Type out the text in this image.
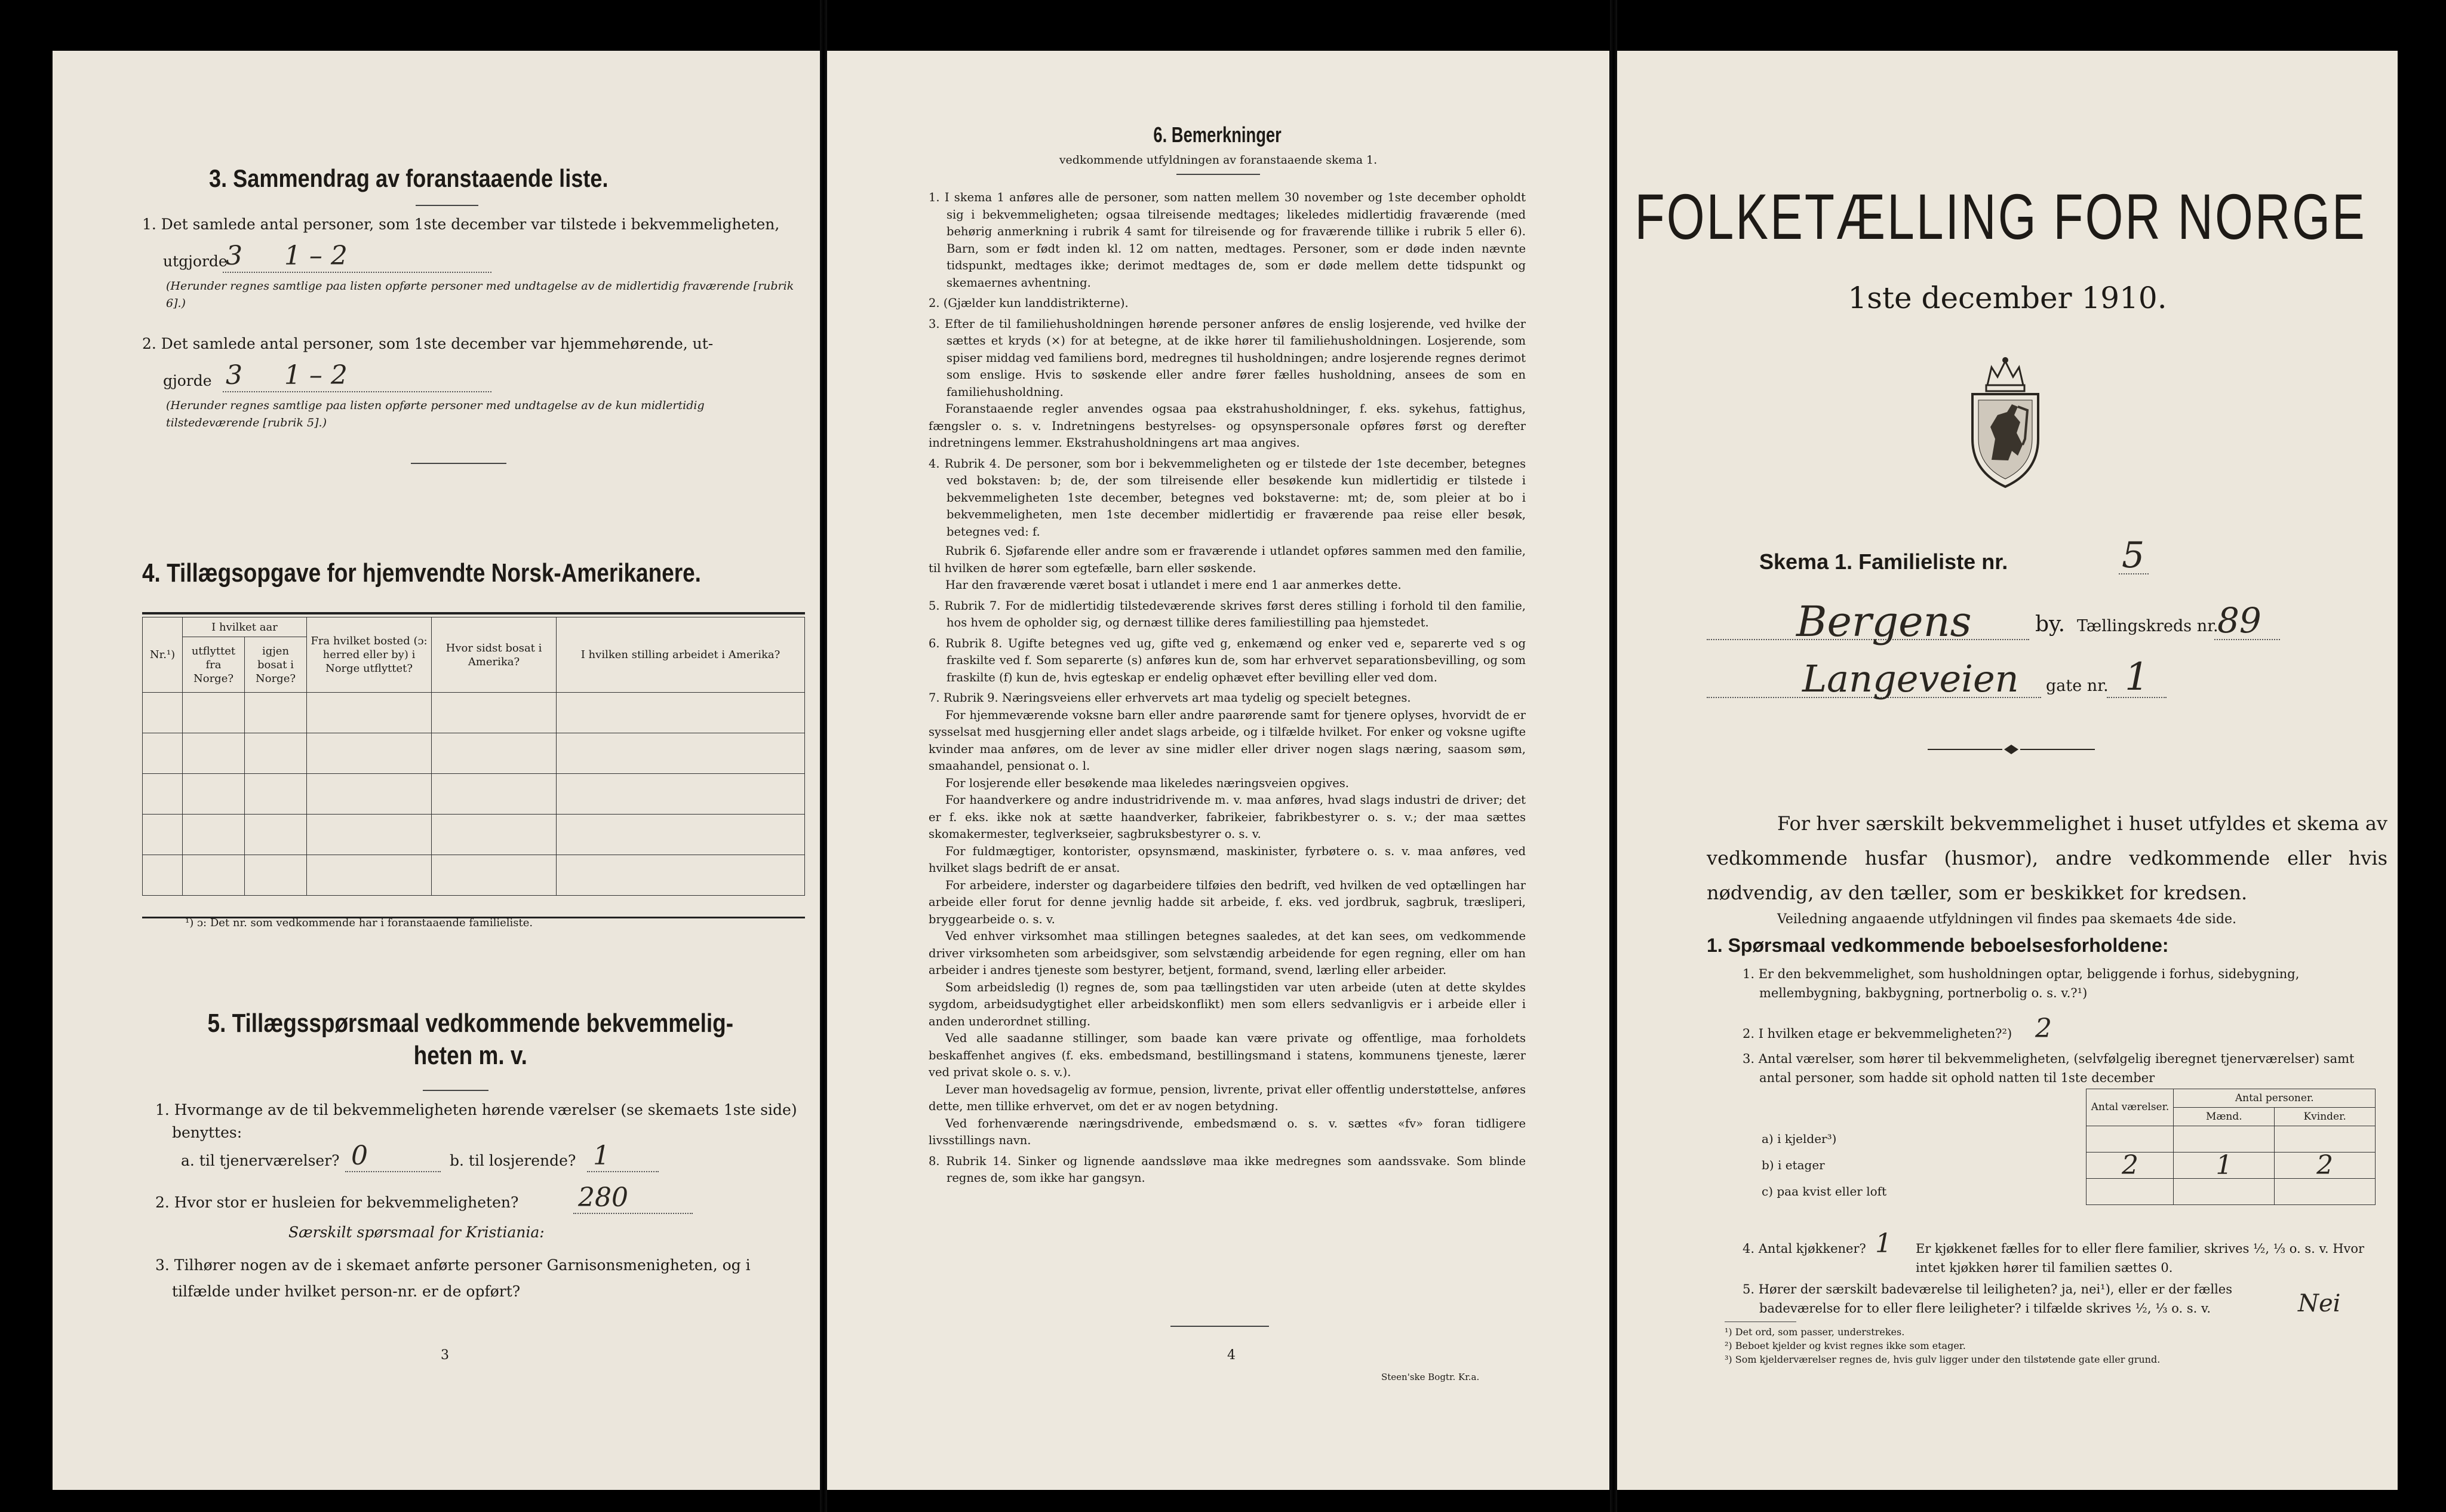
3. Sammendrag av foranstaaende liste.
1. Det samlede antal personer, som 1ste december var tilstede i bekvemmeligheten,
utgjorde
3     1 – 2
(Herunder regnes samtlige paa listen opførte personer med undtagelse av de midlertidig fraværende [rubrik 6].)
2. Det samlede antal personer, som 1ste december var hjemmehørende, ut-
gjorde 3     1 – 2
(Herunder regnes samtlige paa listen opførte personer med undtagelse av de kun midlertidig tilstedeværende [rubrik 5].)
4. Tillægsopgave for hjemvendte Norsk-Amerikanere.
Nr.¹)	I hvilket aar		Fra hvilket bosted (ɔ: herred eller by) i Norge utflyttet?	Hvor sidst bosat i Amerika?	I hvilken stilling arbeidet i Amerika?
	utflyttet fra Norge?	igjen bosat i Norge?			

¹) ɔ: Det nr. som vedkommende har i foranstaaende familieliste.
5. Tillægsspørsmaal vedkommende bekvemmelig-
heten m. v.
1. Hvormange av de til bekvemmeligheten hørende værelser (se skemaets 1ste side) benyttes:
a. til tjenerværelser? 0	b. til losjerende? 1
2. Hvor stor er husleien for bekvemmeligheten? 280
Særskilt spørsmaal for Kristiania:
3. Tilhører nogen av de i skemaet anførte personer Garnisonsmenigheten, og i tilfælde under hvilket person-nr. er de opført?
3
6. Bemerkninger
vedkommende utfyldningen av foranstaaende skema 1.

1. I skema 1 anføres alle de personer, som natten mellem 30 november og 1ste december opholdt sig i bekvemmeligheten; ogsaa tilreisende medtages; likeledes midlertidig fraværende (med behørig anmerkning i rubrik 4 samt for tilreisende og for fraværende tillike i rubrik 5 eller 6). Barn, som er født inden kl. 12 om natten, medtages. Personer, som er døde inden nævnte tidspunkt, medtages ikke; derimot medtages de, som er døde mellem dette tidspunkt og skemaernes avhentning.

2. (Gjælder kun landdistrikterne).

3. Efter de til familiehusholdningen hørende personer anføres de enslig losjerende, ved hvilke der sættes et kryds (×) for at betegne, at de ikke hører til familiehusholdningen. Losjerende, som spiser middag ved familiens bord, medregnes til husholdningen; andre losjerende regnes derimot som enslige. Hvis to søskende eller andre fører fælles husholdning, ansees de som en familiehusholdning.

Foranstaaende regler anvendes ogsaa paa ekstrahusholdninger, f. eks. sykehus, fattighus, fængsler o. s. v. Indretningens bestyrelses- og opsynspersonale opføres først og derefter indretningens lemmer. Ekstrahusholdningens art maa angives.

4. Rubrik 4. De personer, som bor i bekvemmeligheten og er tilstede der 1ste december, betegnes ved bokstaven: b; de, der som tilreisende eller besøkende kun midlertidig er tilstede i bekvemmeligheten 1ste december, betegnes ved bokstaverne: mt; de, som pleier at bo i bekvemmeligheten, men 1ste december midlertidig er fraværende paa reise eller besøk, betegnes ved: f.

Rubrik 6. Sjøfarende eller andre som er fraværende i utlandet opføres sammen med den familie, til hvilken de hører som egtefælle, barn eller søskende.

Har den fraværende været bosat i utlandet i mere end 1 aar anmerkes dette.

5. Rubrik 7. For de midlertidig tilstedeværende skrives først deres stilling i forhold til den familie, hos hvem de opholder sig, og dernæst tillike deres familiestilling paa hjemstedet.

6. Rubrik 8. Ugifte betegnes ved ug, gifte ved g, enkemænd og enker ved e, separerte ved s og fraskilte ved f. Som separerte (s) anføres kun de, som har erhvervet separationsbevilling, og som fraskilte (f) kun de, hvis egteskap er endelig ophævet efter bevilling eller ved dom.

7. Rubrik 9. Næringsveiens eller erhvervets art maa tydelig og specielt betegnes.

For hjemmeværende voksne barn eller andre paarørende samt for tjenere oplyses, hvorvidt de er sysselsat med husgjerning eller andet slags arbeide, og i tilfælde hvilket. For enker og voksne ugifte kvinder maa anføres, om de lever av sine midler eller driver nogen slags næring, saasom søm, smaahandel, pensionat o. l.

For losjerende eller besøkende maa likeledes næringsveien opgives.

For haandverkere og andre industridrivende m. v. maa anføres, hvad slags industri de driver; det er f. eks. ikke nok at sætte haandverker, fabrikeier, fabrikbestyrer o. s. v.; der maa sættes skomakermester, teglverkseier, sagbruksbestyrer o. s. v.

For fuldmægtiger, kontorister, opsynsmænd, maskinister, fyrbøtere o. s. v. maa anføres, ved hvilket slags bedrift de er ansat.

For arbeidere, inderster og dagarbeidere tilføies den bedrift, ved hvilken de ved optællingen har arbeide eller forut for denne jevnlig hadde sit arbeide, f. eks. ved jordbruk, sagbruk, træsliperi, bryggearbeide o. s. v.

Ved enhver virksomhet maa stillingen betegnes saaledes, at det kan sees, om vedkommende driver virksomheten som arbeidsgiver, som selvstændig arbeidende for egen regning, eller om han arbeider i andres tjeneste som bestyrer, betjent, formand, svend, lærling eller arbeider.

Som arbeidsledig (l) regnes de, som paa tællingstiden var uten arbeide (uten at dette skyldes sygdom, arbeidsudygtighet eller arbeidskonflikt) men som ellers sedvanligvis er i arbeide eller i anden underordnet stilling.

Ved alle saadanne stillinger, som baade kan være private og offentlige, maa forholdets beskaffenhet angives (f. eks. embedsmand, bestillingsmand i statens, kommunens tjeneste, lærer ved privat skole o. s. v.).

Lever man hovedsagelig av formue, pension, livrente, privat eller offentlig understøttelse, anføres dette, men tillike erhvervet, om det er av nogen betydning.

Ved forhenværende næringsdrivende, embedsmænd o. s. v. sættes «fv» foran tidligere livsstillings navn.

8. Rubrik 14. Sinker og lignende aandssløve maa ikke medregnes som aandssvake. Som blinde regnes de, som ikke har gangsyn.

4
Steen'ske Bogtr. Kr.a.
FOLKETÆLLING FOR NORGE
1ste december 1910.
Skema 1. Familieliste nr.	5
Bergens	by. Tællingskreds nr.
89
Langeveien gate nr. 1
For hver særskilt bekvemmelighet i huset utfyldes et skema av vedkommende husfar (husmor), andre vedkommende eller hvis nødvendig, av den tæller, som er beskikket for kredsen.
Veiledning angaaende utfyldningen vil findes paa skemaets 4de side.
1. Spørsmaal vedkommende beboelsesforholdene:
1. Er den bekvemmelighet, som husholdningen optar, beliggende i forhus, sidebygning, mellembygning, bakbygning, portnerbolig o. s. v.?¹)
2. I hvilken etage er bekvemmeligheten?²) 2
3. Antal værelser, som hører til bekvemmeligheten, (selvfølgelig iberegnet tjenerværelser) samt antal personer, som hadde sit ophold natten til 1ste december
	Antal værelser.	Antal personer.	
		Mænd.	Kvinder.
a) i kjelder³)			
b) i etager	2	1	2
c) paa kvist eller loft			
4. Antal kjøkkener? 1 Er kjøkkenet fælles for to eller flere familier, skrives ½, ⅓ o. s. v. Hvor intet kjøkken hører til familien sættes 0.
5. Hører der særskilt badeværelse til leiligheten? ja, nei¹), eller er der fælles badeværelse for to eller flere leiligheter? i tilfælde skrives ½, ⅓ o. s. v.	Nei
¹) Det ord, som passer, understrekes.
²) Beboet kjelder og kvist regnes ikke som etager.
³) Som kjelderværelser regnes de, hvis gulv ligger under den tilstøtende gate eller grund.
